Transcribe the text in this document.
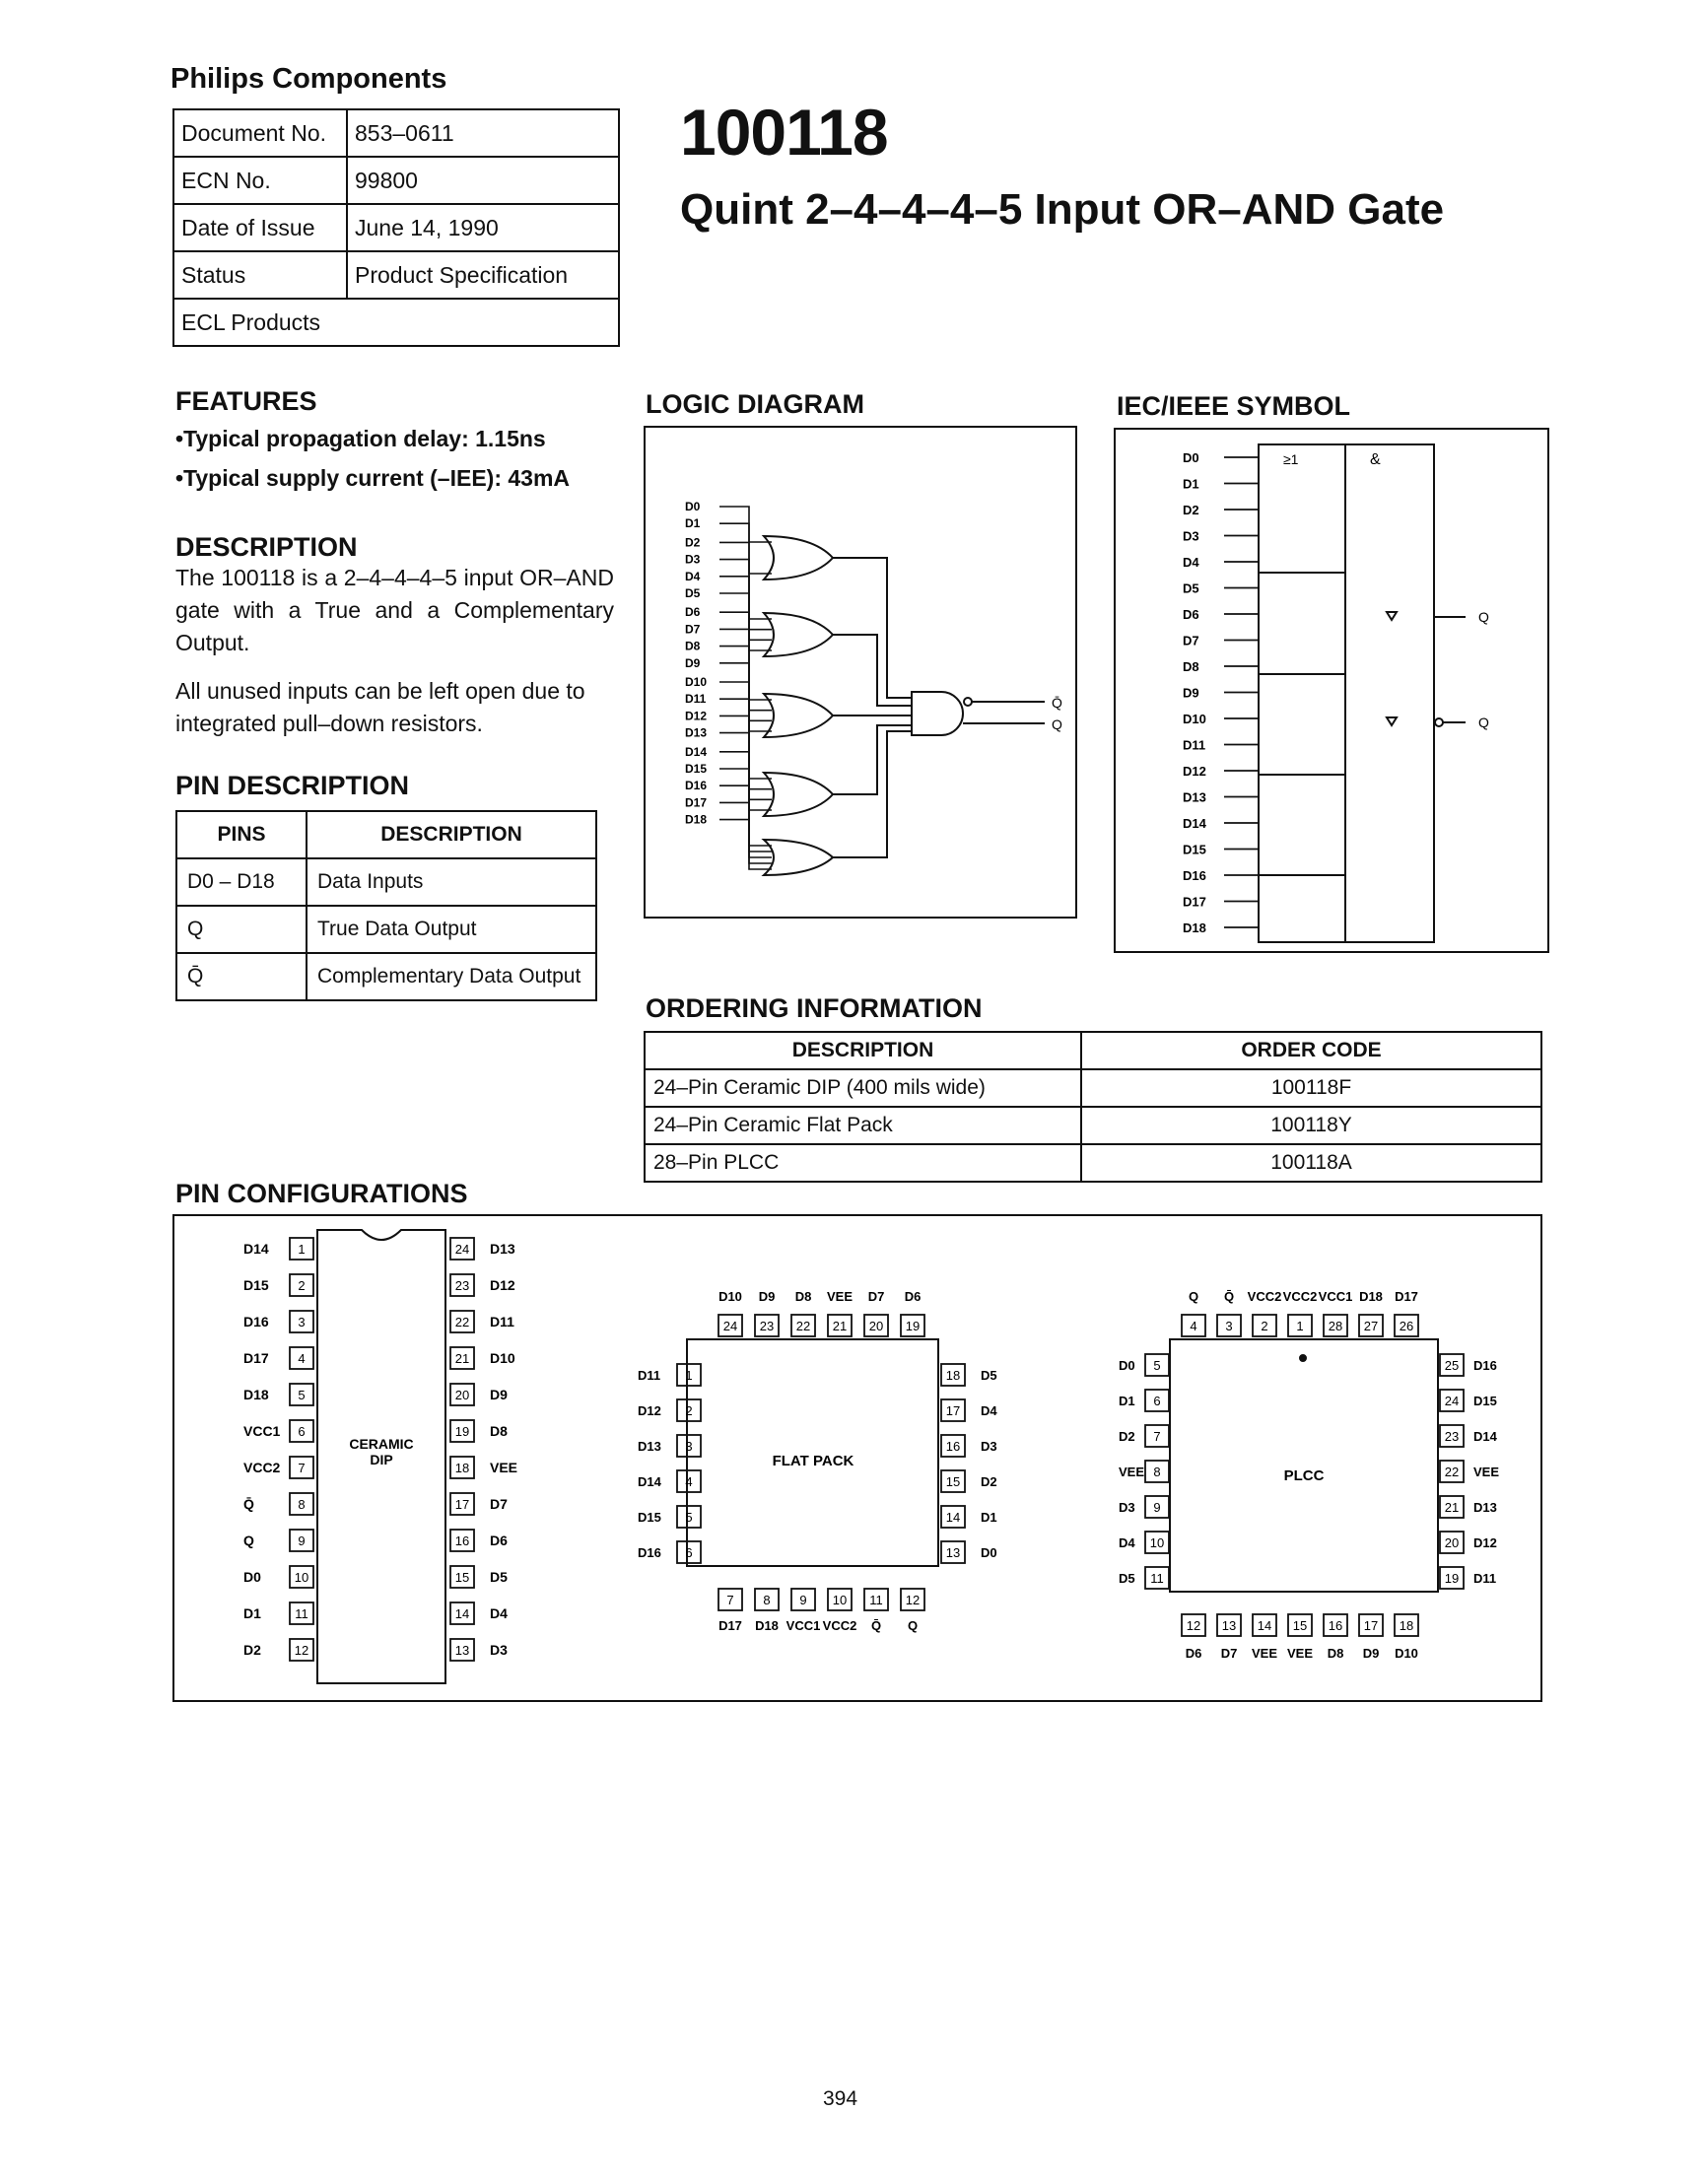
Philips Components
Document No.	853–0611
ECN No.	99800
Date of Issue	June 14, 1990
Status	Product Specification
ECL Products	
100118
Quint 2–4–4–4–5 Input OR–AND Gate
FEATURES
•Typical propagation delay: 1.15ns
•Typical supply current (–IEE): 43mA
DESCRIPTION
The 100118 is a 2–4–4–4–5 input OR–AND gate with a True and a Complementary Output.
All unused inputs can be left open due to integrated pull–down resistors.
PIN DESCRIPTION
PINS	DESCRIPTION
D0 – D18	Data Inputs
Q	True Data Output
Q̄	Complementary Data Output
LOGIC DIAGRAM
D0
D1
D2
D3
D4
D5
D6
D7
D8
D9
D10
D11
D12
D13
D14
D15
D16
D17
D18
Q̄
Q
IEC/IEEE SYMBOL
D0
D1
D2
D3
D4
D5
D6
D7
D8
D9
D10
D11
D12
D13
D14
D15
D16
D17
D18
≥1	&
Q
Q
ORDERING INFORMATION
DESCRIPTION	ORDER CODE
24–Pin Ceramic DIP (400 mils wide)	100118F
24–Pin Ceramic Flat Pack	100118Y
28–Pin PLCC	100118A
PIN CONFIGURATIONS
CERAMIC DIP	FLAT PACK
PLCC
D14 1
D15 2
D16 3
D17 4
D18 5
VCC1 6
VCC2 7
Q̄	8
Q	9
D0	10
D1	11
D2	12
24 D13
23 D12
22 D11
21 D10
20 D9
19 D8
18 VEE
17 D7
16 D6
15 D5
14 D4
13 D3
24
D10
23
D9
22
D8
21
VEE
20
D7
19
D6
7
D17
8
D18
9
VCC1
10
VCC2
11
Q̄
12
Q
D11 1
D12 2
D13 3
D14 4
D15 5
D16 6
18 D5
17 D4
16 D3
15 D2
14 D1
13 D0
4
Q
3
Q̄
2
VCC2
1
VCC2
28
VCC1
27
D18
26
D17
12
D6
13
D7
14
VEE
15
VEE
16
D8
17
D9
18
D10
D0 5
D1 6
D2 7
VEE 8
D3 9
D4 10
D5 11
25 D16
24 D15
23 D14
22 VEE
21 D13
20 D12
19 D11
394
